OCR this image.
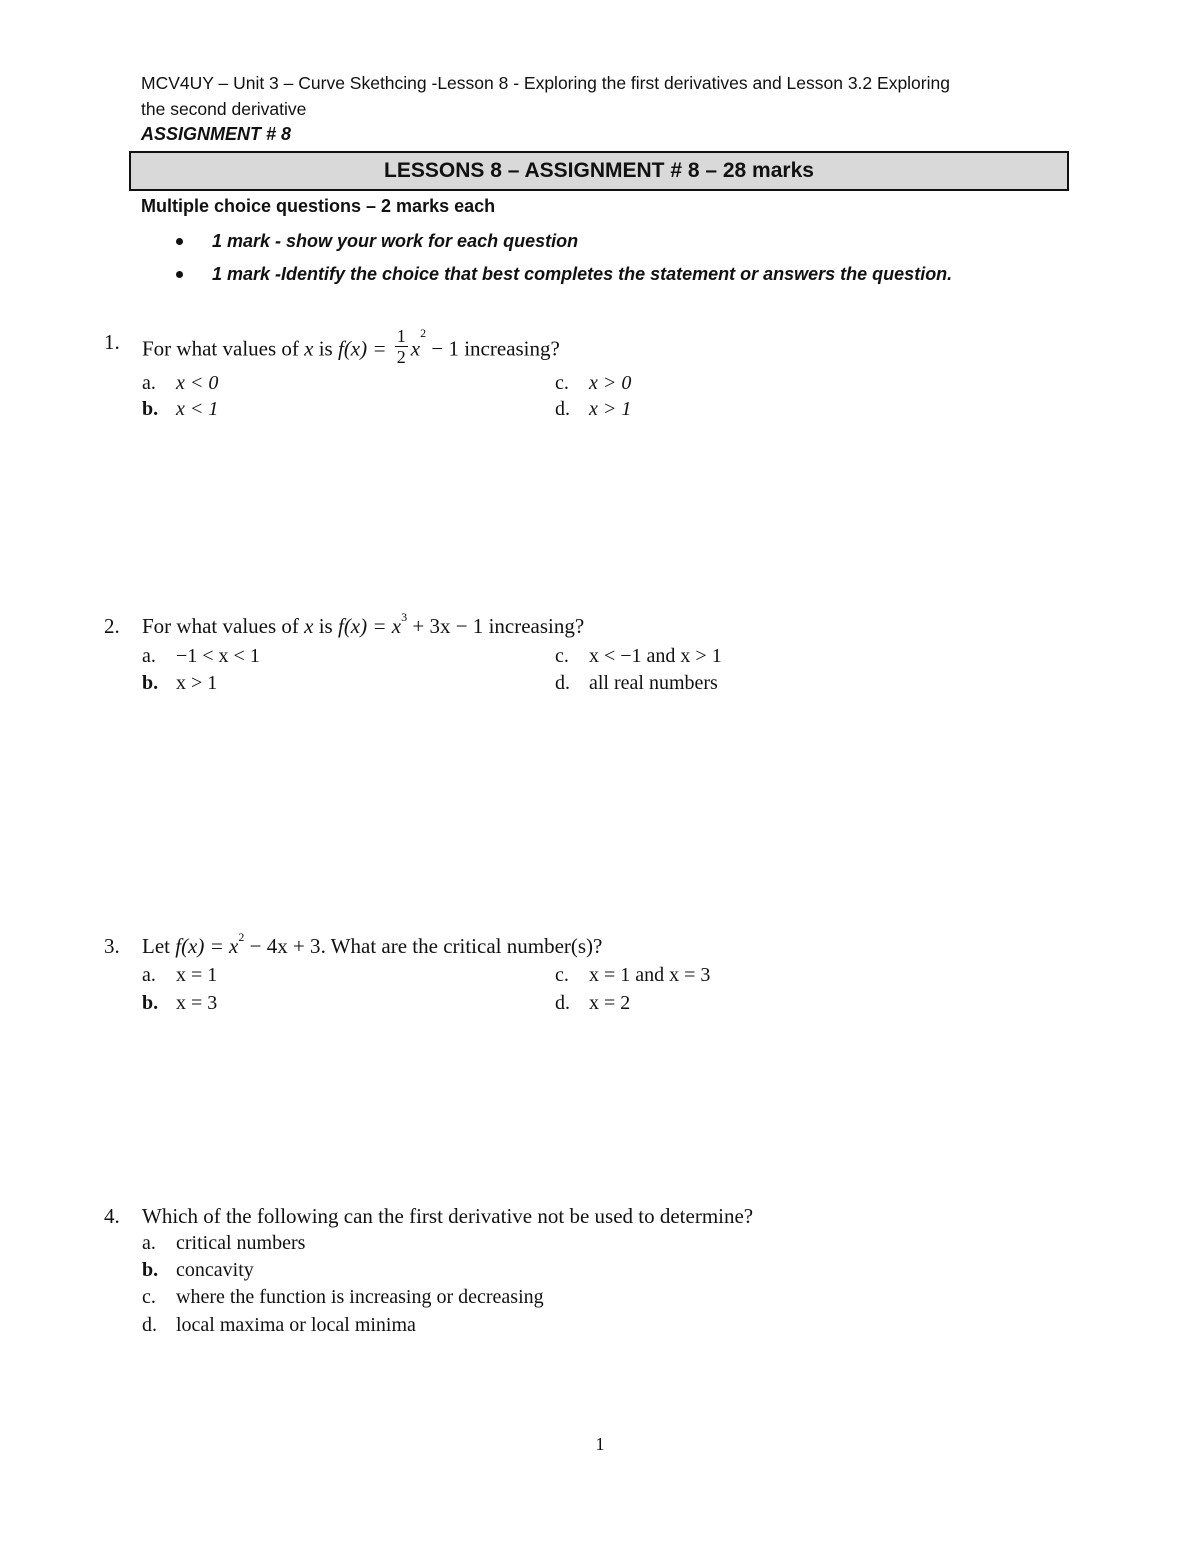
MCV4UY – Unit 3 – Curve Skethcing -Lesson 8 - Exploring the first derivatives and Lesson 3.2 Exploring
the second derivative
ASSIGNMENT # 8
LESSONS 8 – ASSIGNMENT # 8 – 28 marks
Multiple choice questions – 2 marks each
1 mark - show your work for each question
1 mark -Identify the choice that best completes the statement or answers the question.
1. For what values of x is $f(x) = \frac{1}{2} x^2 - 1$ increasing?
a. x < 0
b. x < 1
c. x > 0
d. x > 1
2. For what values of x is $f(x) = x^3 + 3x - 1$ increasing?
a. −1 < x < 1
b. x > 1
c. x < −1 and x > 1
d. all real numbers
3. Let $f(x) = x^2 - 4x + 3$. What are the critical number(s)?
a. x = 1
b. x = 3
c. x = 1 and x = 3
d. x = 2
4. Which of the following can the first derivative not be used to determine?
a. critical numbers
b. concavity
c. where the function is increasing or decreasing
d. local maxima or local minima
1
